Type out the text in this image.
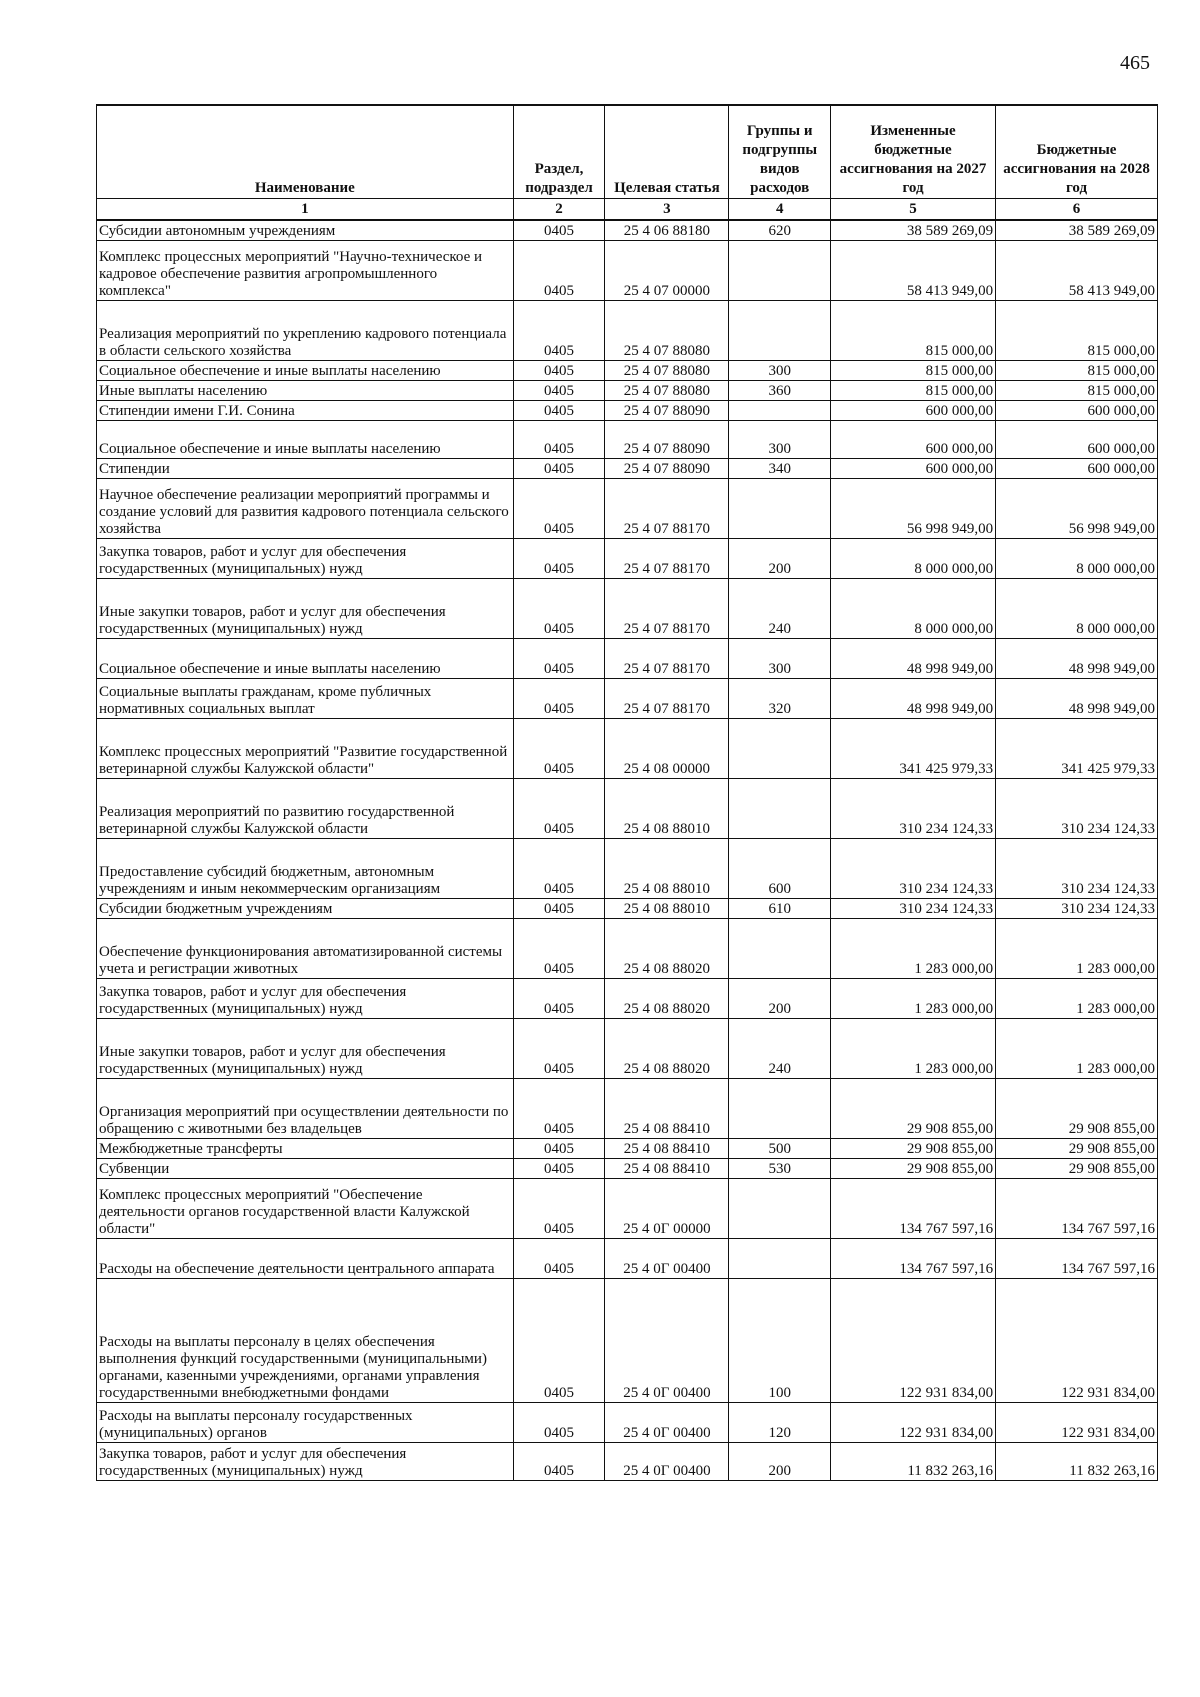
465
Наименование	Раздел, подраздел	Целевая статья	Группы и подгруппы видов расходов	Измененные бюджетные ассигнования на 2027 год	Бюджетные ассигнования на 2028 год
1	2	3	4	5	6
Субсидии автономным учреждениям	0405	25 4 06 88180	620	38 589 269,09	38 589 269,09
Комплекс процессных мероприятий "Научно-техническое и кадровое обеспечение развития агропромышленного комплекса"	0405	25 4 07 00000		58 413 949,00	58 413 949,00
Реализация мероприятий по укреплению кадрового потенциала в области сельского хозяйства	0405	25 4 07 88080		815 000,00	815 000,00
Социальное обеспечение и иные выплаты населению	0405	25 4 07 88080	300	815 000,00	815 000,00
Иные выплаты населению	0405	25 4 07 88080	360	815 000,00	815 000,00
Стипендии имени Г.И. Сонина	0405	25 4 07 88090		600 000,00	600 000,00
Социальное обеспечение и иные выплаты населению	0405	25 4 07 88090	300	600 000,00	600 000,00
Стипендии	0405	25 4 07 88090	340	600 000,00	600 000,00
Научное обеспечение реализации мероприятий программы и создание условий для развития кадрового потенциала сельского хозяйства	0405	25 4 07 88170		56 998 949,00	56 998 949,00
Закупка товаров, работ и услуг для обеспечения государственных (муниципальных) нужд	0405	25 4 07 88170	200	8 000 000,00	8 000 000,00
Иные закупки товаров, работ и услуг для обеспечения государственных (муниципальных) нужд	0405	25 4 07 88170	240	8 000 000,00	8 000 000,00
Социальное обеспечение и иные выплаты населению	0405	25 4 07 88170	300	48 998 949,00	48 998 949,00
Социальные выплаты гражданам, кроме публичных нормативных социальных выплат	0405	25 4 07 88170	320	48 998 949,00	48 998 949,00
Комплекс процессных мероприятий "Развитие государственной ветеринарной службы Калужской области"	0405	25 4 08 00000		341 425 979,33	341 425 979,33
Реализация мероприятий по развитию государственной ветеринарной службы Калужской области	0405	25 4 08 88010		310 234 124,33	310 234 124,33
Предоставление субсидий бюджетным, автономным учреждениям и иным некоммерческим организациям	0405	25 4 08 88010	600	310 234 124,33	310 234 124,33
Субсидии бюджетным учреждениям	0405	25 4 08 88010	610	310 234 124,33	310 234 124,33
Обеспечение функционирования автоматизированной системы учета и регистрации животных	0405	25 4 08 88020		1 283 000,00	1 283 000,00
Закупка товаров, работ и услуг для обеспечения государственных (муниципальных) нужд	0405	25 4 08 88020	200	1 283 000,00	1 283 000,00
Иные закупки товаров, работ и услуг для обеспечения государственных (муниципальных) нужд	0405	25 4 08 88020	240	1 283 000,00	1 283 000,00
Организация мероприятий при осуществлении деятельности по обращению с животными без владельцев	0405	25 4 08 88410		29 908 855,00	29 908 855,00
Межбюджетные трансферты	0405	25 4 08 88410	500	29 908 855,00	29 908 855,00
Субвенции	0405	25 4 08 88410	530	29 908 855,00	29 908 855,00
Комплекс процессных мероприятий "Обеспечение деятельности органов государственной власти Калужской области"	0405	25 4 0Г 00000		134 767 597,16	134 767 597,16
Расходы на обеспечение деятельности центрального аппарата	0405	25 4 0Г 00400		134 767 597,16	134 767 597,16
Расходы на выплаты персоналу в целях обеспечения выполнения функций государственными (муниципальными) органами, казенными учреждениями, органами управления государственными внебюджетными фондами	0405	25 4 0Г 00400	100	122 931 834,00	122 931 834,00
Расходы на выплаты персоналу государственных (муниципальных) органов	0405	25 4 0Г 00400	120	122 931 834,00	122 931 834,00
Закупка товаров, работ и услуг для обеспечения государственных (муниципальных) нужд	0405	25 4 0Г 00400	200	11 832 263,16	11 832 263,16
